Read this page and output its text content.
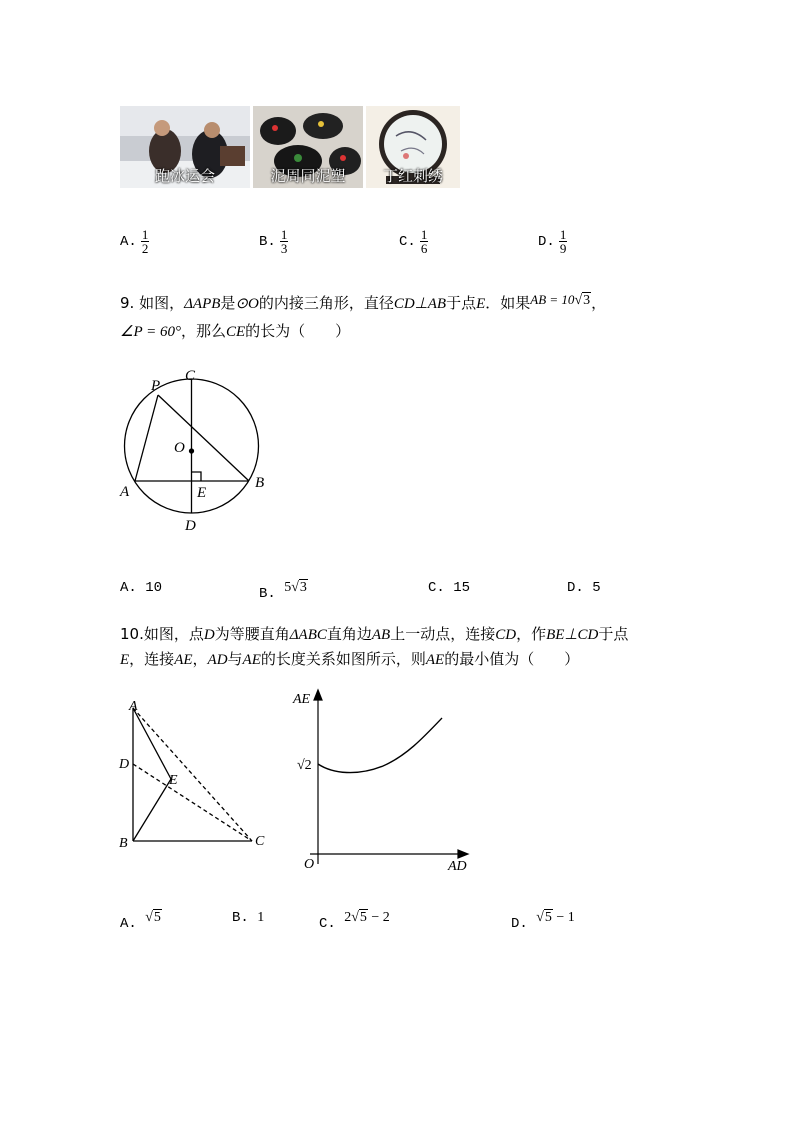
跑冰运会	泥周同泥塑	丁红刺绣
A. $\frac{1}{2}$	B. $\frac{1}{3}$	C. $\frac{1}{6}$	D. $\frac{1}{9}$
9. 如图，ΔAPB是⊙O的内接三角形，直径CD⊥AB于点E．如果AB = 10√3，
∠P = 60°，那么CE的长为（　　）
P
C
O
A	E
B
D
A. 10	B. 5√3	C. 15	D. 5
10.如图，点D为等腰直角ΔABC直角边AB上一动点，连接CD，作BE⊥CD于点
E，连接AE，AD与AE的长度关系如图所示，则AE的最小值为（　　）
A
D
E
B	C
AE
AD
O
√2
A. √5	B. 1	C. 2√5 − 2	D. √5 − 1
